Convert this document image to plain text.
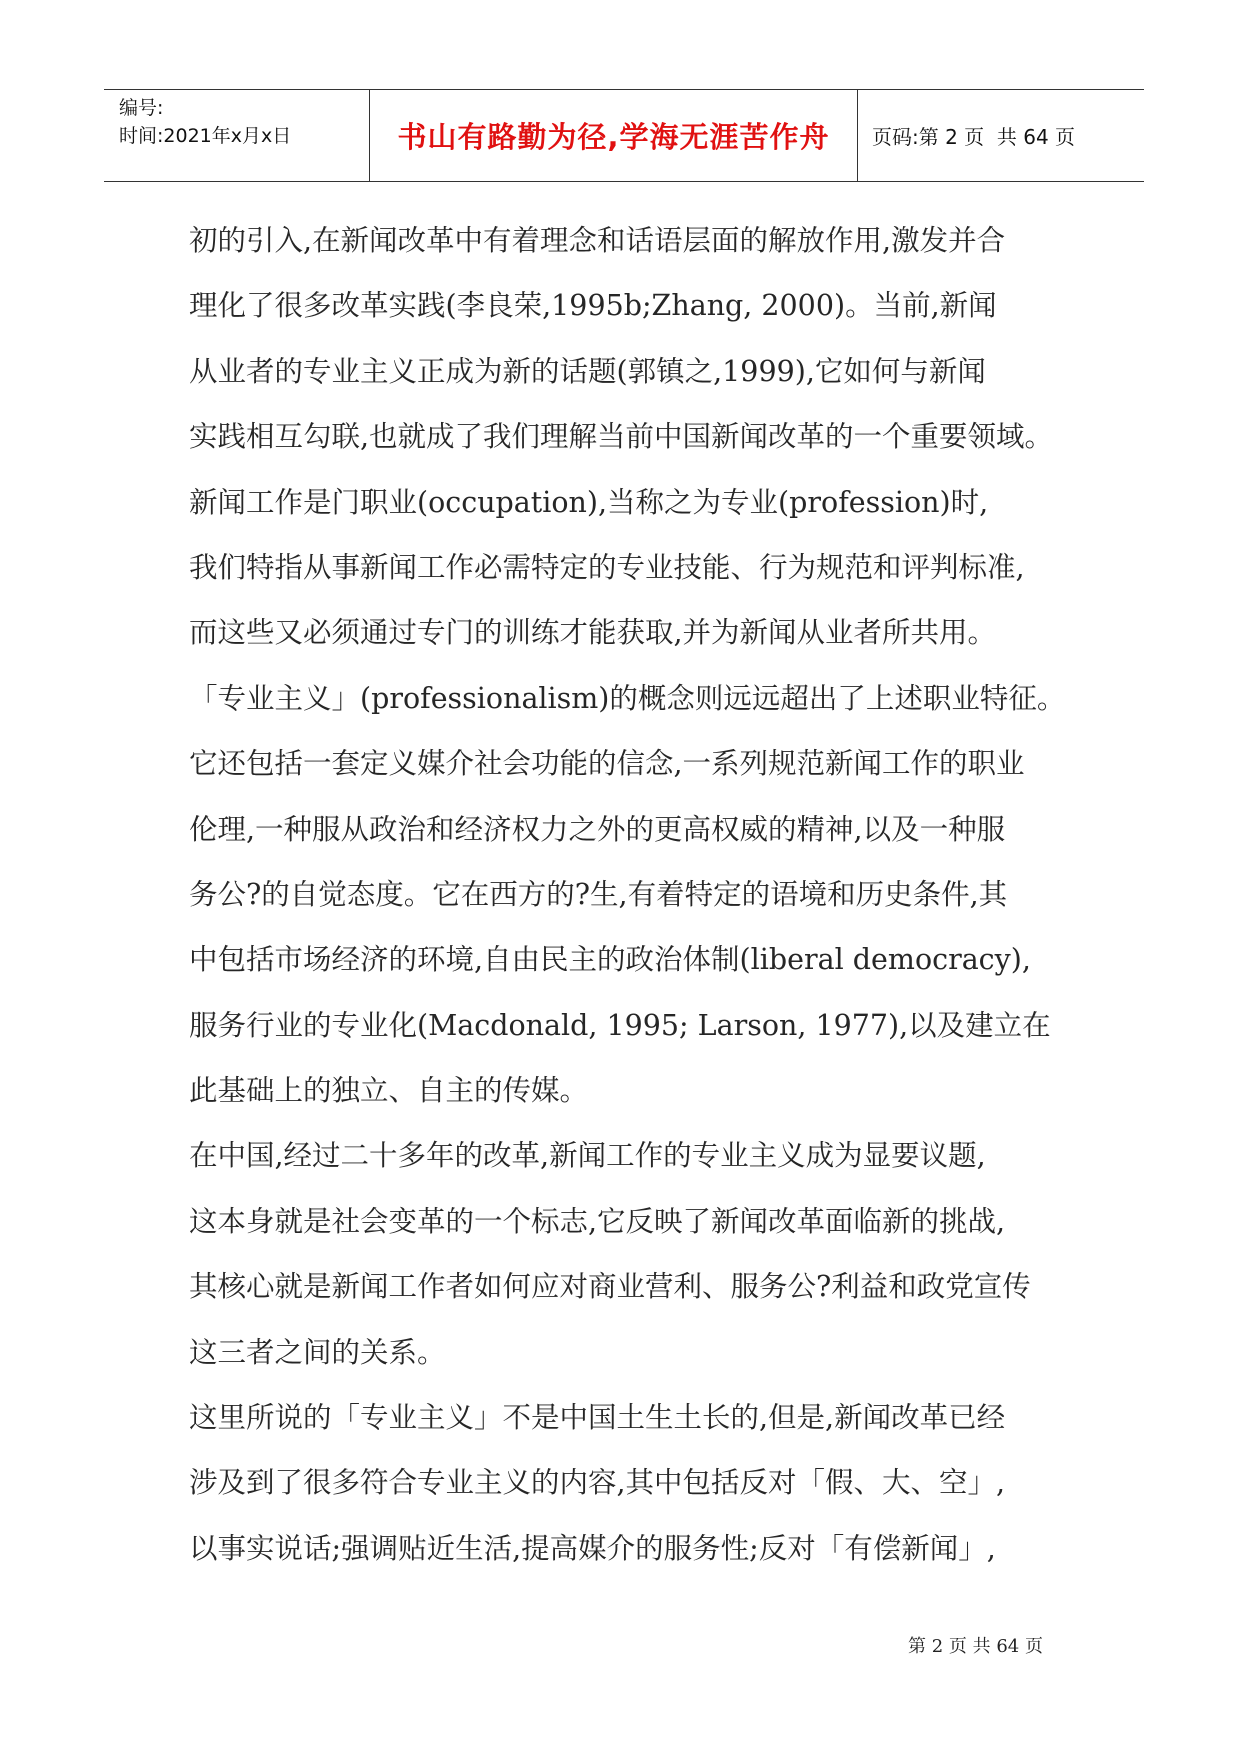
编号:
时间:2021年x月x日	书山有路勤为径,学海无涯苦作舟	页码:第 2 页  共 64 页
初的引入,在新闻改革中有着理念和话语层面的解放作用,激发并合
理化了很多改革实践(李良荣,1995b;Zhang, 2000)。当前,新闻
从业者的专业主义正成为新的话题(郭镇之,1999),它如何与新闻
实践相互勾联,也就成了我们理解当前中国新闻改革的一个重要领域。
新闻工作是门职业(occupation),当称之为专业(profession)时,
我们特指从事新闻工作必需特定的专业技能、行为规范和评判标准,
而这些又必须通过专门的训练才能获取,并为新闻从业者所共用。
「专业主义」(professionalism)的概念则远远超出了上述职业特征。
它还包括一套定义媒介社会功能的信念,一系列规范新闻工作的职业
伦理,一种服从政治和经济权力之外的更高权威的精神,以及一种服
务公?的自觉态度。它在西方的?生,有着特定的语境和历史条件,其
中包括市场经济的环境,自由民主的政治体制(liberal democracy),
服务行业的专业化(Macdonald, 1995; Larson, 1977),以及建立在
此基础上的独立、自主的传媒。
在中国,经过二十多年的改革,新闻工作的专业主义成为显要议题,
这本身就是社会变革的一个标志,它反映了新闻改革面临新的挑战,
其核心就是新闻工作者如何应对商业营利、服务公?利益和政党宣传
这三者之间的关系。
这里所说的「专业主义」不是中国土生土长的,但是,新闻改革已经
涉及到了很多符合专业主义的内容,其中包括反对「假、大、空」,
以事实说话;强调贴近生活,提高媒介的服务性;反对「有偿新闻」,
第 2 页 共 64 页
